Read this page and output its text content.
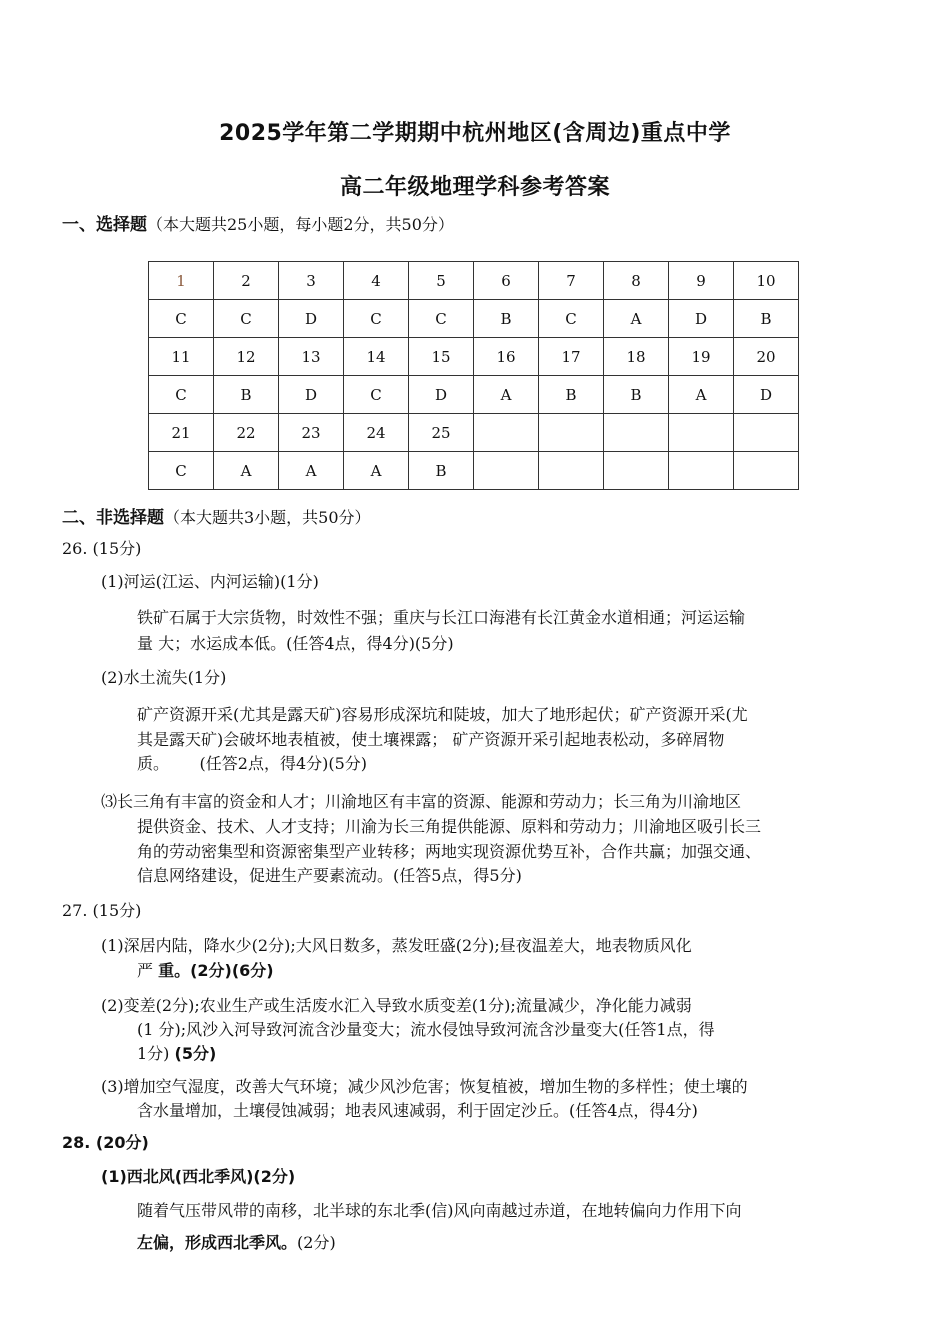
2025学年第二学期期中杭州地区(含周边)重点中学
高二年级地理学科参考答案
一、选择题（本大题共25小题，每小题2分，共50分）
1	2	3	4	5	6	7	8	9	10
C	C	D	C	C	B	C	A	D	B
11	12	13	14	15	16	17	18	19	20
C	B	D	C	D	A	B	B	A	D
21	22	23	24	25					
C	A	A	A	B					
二、非选择题（本大题共3小题，共50分）
26. (15分)
(1)河运(江运、内河运输)(1分)
铁矿石属于大宗货物，时效性不强；重庆与长江口海港有长江黄金水道相通；河运运输
量 大；水运成本低。(任答4点，得4分)(5分)
(2)水土流失(1分)
矿产资源开采(尤其是露天矿)容易形成深坑和陡坡，加大了地形起伏；矿产资源开采(尤
其是露天矿)会破坏地表植被，使土壤裸露； 矿产资源开采引起地表松动，多碎屑物
质。      (任答2点，得4分)(5分)
⑶长三角有丰富的资金和人才；川渝地区有丰富的资源、能源和劳动力；长三角为川渝地区
提供资金、技术、人才支持；川渝为长三角提供能源、原料和劳动力；川渝地区吸引长三
角的劳动密集型和资源密集型产业转移；两地实现资源优势互补，合作共赢；加强交通、
信息网络建设，促进生产要素流动。(任答5点，得5分)
27. (15分)
(1)深居内陆，降水少(2分);大风日数多，蒸发旺盛(2分);昼夜温差大，地表物质风化
严 重。(2分)(6分)
(2)变差(2分);农业生产或生活废水汇入导致水质变差(1分);流量减少，净化能力减弱
(1 分);风沙入河导致河流含沙量变大；流水侵蚀导致河流含沙量变大(任答1点，得
1分) (5分)
(3)增加空气湿度，改善大气环境；减少风沙危害；恢复植被，增加生物的多样性；使土壤的
含水量增加，土壤侵蚀减弱；地表风速减弱，利于固定沙丘。(任答4点，得4分)
28. (20分)
(1)西北风(西北季风)(2分)
随着气压带风带的南移，北半球的东北季(信)风向南越过赤道，在地转偏向力作用下向
左偏，形成西北季风。(2分)
